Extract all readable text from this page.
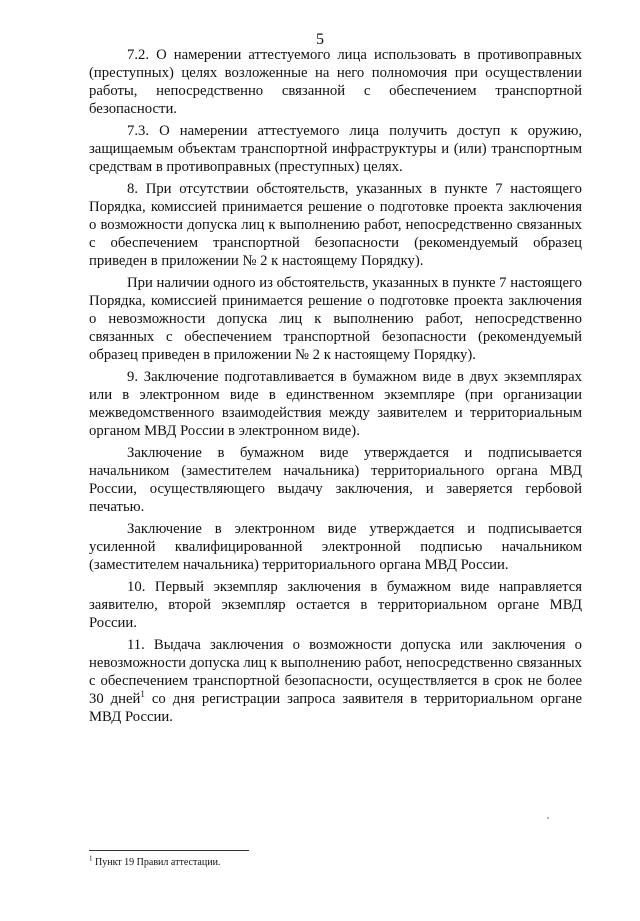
5

7.2. О намерении аттестуемого лица использовать в противоправных (преступных) целях возложенные на него полномочия при осуществлении работы, непосредственно связанной с обеспечением транспортной безопасности.

7.3. О намерении аттестуемого лица получить доступ к оружию, защищаемым объектам транспортной инфраструктуры и (или) транспортным средствам в противоправных (преступных) целях.

8. При отсутствии обстоятельств, указанных в пункте 7 настоящего Порядка, комиссией принимается решение о подготовке проекта заключения о возможности допуска лиц к выполнению работ, непосредственно связанных с обеспечением транспортной безопасности (рекомендуемый образец приведен в приложении № 2 к настоящему Порядку).

При наличии одного из обстоятельств, указанных в пункте 7 настоящего Порядка, комиссией принимается решение о подготовке проекта заключения о невозможности допуска лиц к выполнению работ, непосредственно связанных с обеспечением транспортной безопасности (рекомендуемый образец приведен в приложении № 2 к настоящему Порядку).

9. Заключение подготавливается в бумажном виде в двух экземплярах или в электронном виде в единственном экземпляре (при организации межведомственного взаимодействия между заявителем и территориальным органом МВД России в электронном виде).

Заключение в бумажном виде утверждается и подписывается начальником (заместителем начальника) территориального органа МВД России, осуществляющего выдачу заключения, и заверяется гербовой печатью.

Заключение в электронном виде утверждается и подписывается усиленной квалифицированной электронной подписью начальником (заместителем начальника) территориального органа МВД России.

10. Первый экземпляр заключения в бумажном виде направляется заявителю, второй экземпляр остается в территориальном органе МВД России.

11. Выдача заключения о возможности допуска или заключения о невозможности допуска лиц к выполнению работ, непосредственно связанных с обеспечением транспортной безопасности, осуществляется в срок не более 30 дней$^1$ со дня регистрации запроса заявителя в территориальном органе МВД России.

$^1$ Пункт 19 Правил аттестации.
